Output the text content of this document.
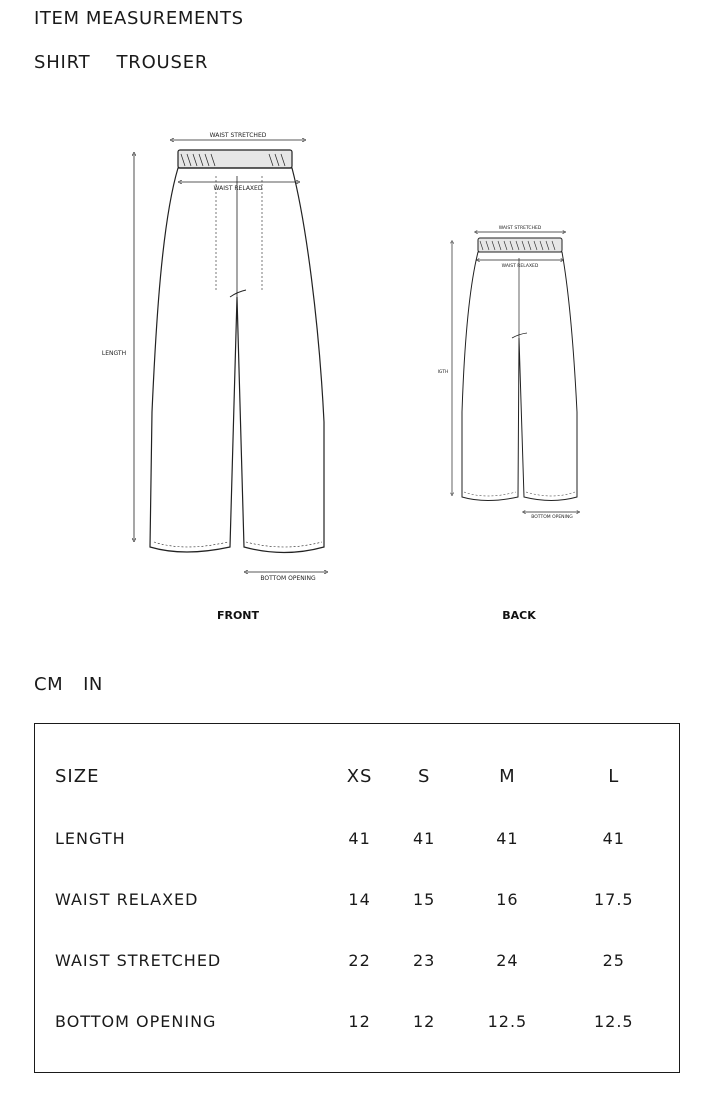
ITEM MEASUREMENTS
SHIRT TROUSER
WAIST STRETCHED
WAIST RELAXED
LENGTH
BOTTOM OPENING
FRONT
WAIST STRETCHED
WAIST RELAXED
IGTH
BOTTOM OPENING
BACK
CM IN
SIZE	XS	S	M	L
LENGTH	41	41	41	41
WAIST RELAXED	14	15	16	17.5
WAIST STRETCHED	22	23	24	25
BOTTOM OPENING	12	12	12.5	12.5
